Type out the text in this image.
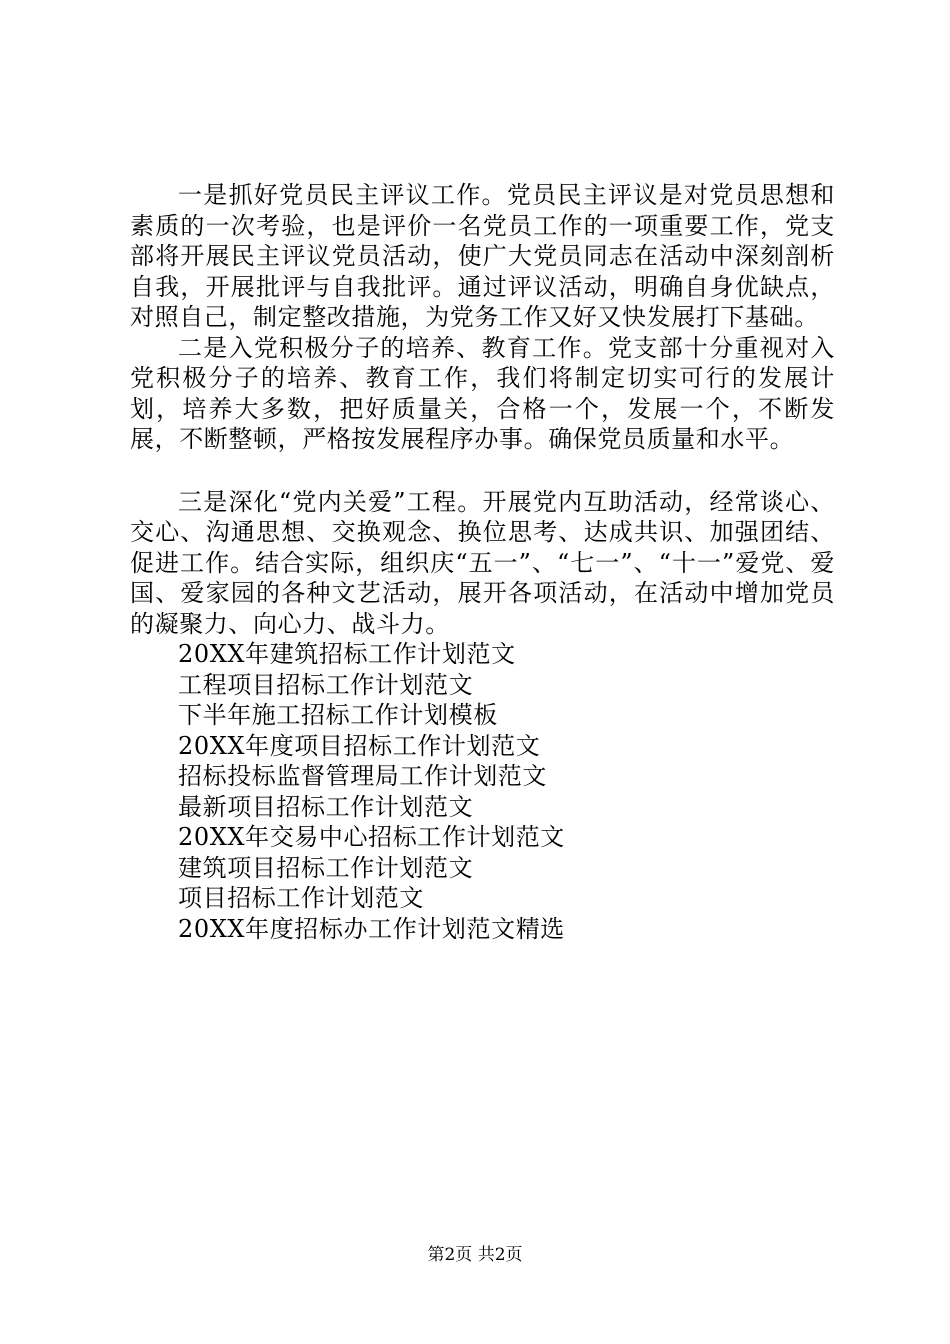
一是抓好党员民主评议工作。党员民主评议是对党员思想和素质的一次考验，也是评价一名党员工作的一项重要工作，党支部将开展民主评议党员活动，使广大党员同志在活动中深刻剖析自我，开展批评与自我批评。通过评议活动，明确自身优缺点，对照自己，制定整改措施，为党务工作又好又快发展打下基础。

二是入党积极分子的培养、教育工作。党支部十分重视对入党积极分子的培养、教育工作，我们将制定切实可行的发展计划，培养大多数，把好质量关，合格一个，发展一个，不断发展，不断整顿，严格按发展程序办事。确保党员质量和水平。

三是深化“党内关爱”工程。开展党内互助活动，经常谈心、交心、沟通思想、交换观念、换位思考、达成共识、加强团结、促进工作。结合实际，组织庆“五一”、“七一”、“十一”爱党、爱国、爱家园的各种文艺活动，展开各项活动，在活动中增加党员的凝聚力、向心力、战斗力。

20XX年建筑招标工作计划范文
工程项目招标工作计划范文
下半年施工招标工作计划模板
20XX年度项目招标工作计划范文
招标投标监督管理局工作计划范文
最新项目招标工作计划范文
20XX年交易中心招标工作计划范文
建筑项目招标工作计划范文
项目招标工作计划范文
20XX年度招标办工作计划范文精选
第2页 共2页
